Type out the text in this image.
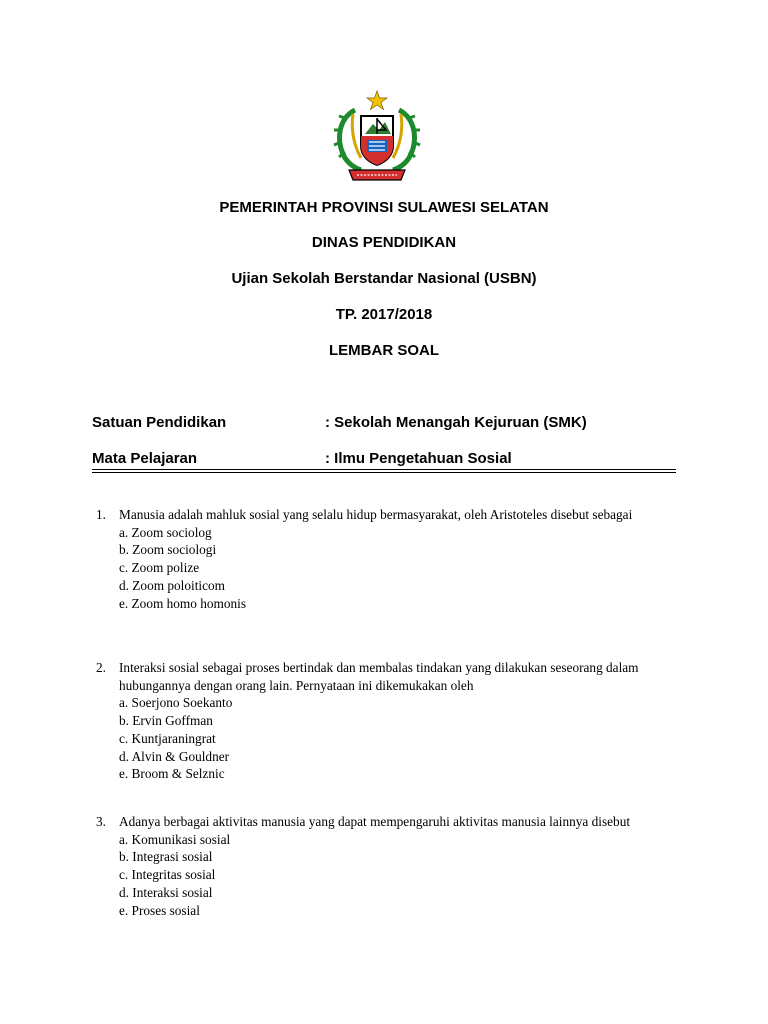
PEMERINTAH PROVINSI SULAWESI SELATAN
DINAS PENDIDIKAN
Ujian Sekolah Berstandar Nasional (USBN)
TP. 2017/2018
LEMBAR SOAL
Satuan Pendidikan	: Sekolah Menangah Kejuruan (SMK)
Mata Pelajaran	: Ilmu Pengetahuan Sosial
1. Manusia adalah mahluk sosial yang selalu hidup bermasyarakat, oleh Aristoteles disebut sebagai
a. Zoom sociolog
b. Zoom sociologi
c. Zoom polize
d. Zoom poloiticom
e. Zoom homo homonis
2. Interaksi sosial sebagai proses bertindak dan membalas tindakan yang dilakukan seseorang dalam hubungannya dengan orang lain. Pernyataan ini dikemukakan oleh
a. Soerjono Soekanto
b. Ervin Goffman
c. Kuntjaraningrat
d. Alvin & Gouldner
e. Broom & Selznic
3. Adanya berbagai aktivitas manusia yang dapat mempengaruhi aktivitas manusia lainnya disebut
a. Komunikasi sosial
b. Integrasi sosial
c. Integritas sosial
d. Interaksi sosial
e. Proses sosial
